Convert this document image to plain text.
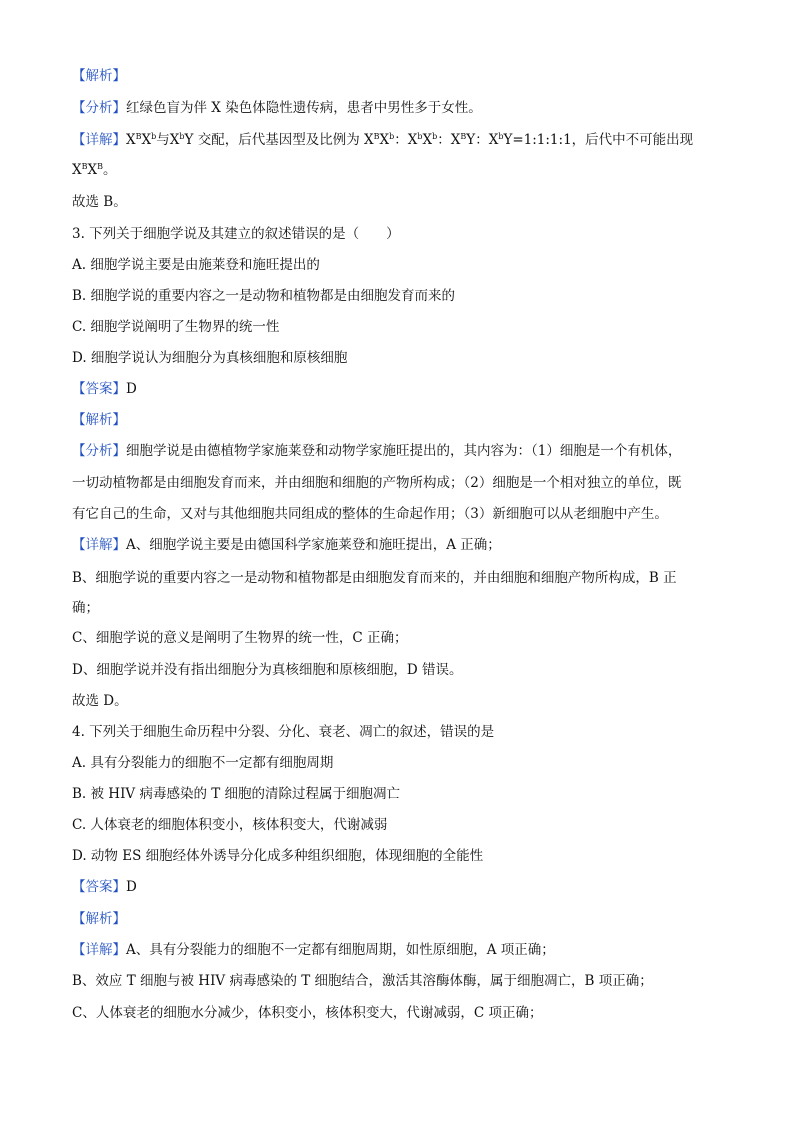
【解析】
【分析】红绿色盲为伴 X 染色体隐性遗传病，患者中男性多于女性。
【详解】$X^BX^b$与$X^bY$ 交配，后代基因型及比例为 $X^BX^b$：$X^bX^b$：$X^BY$：$X^bY=1:1:1:1$，后代中不可能出现
$X^BX^B$。
故选 B。
3. 下列关于细胞学说及其建立的叙述错误的是（　　）
A. 细胞学说主要是由施莱登和施旺提出的
B. 细胞学说的重要内容之一是动物和植物都是由细胞发育而来的
C. 细胞学说阐明了生物界的统一性
D. 细胞学说认为细胞分为真核细胞和原核细胞
【答案】D
【解析】
【分析】细胞学说是由德植物学家施莱登和动物学家施旺提出的，其内容为：（1）细胞是一个有机体，
一切动植物都是由细胞发育而来，并由细胞和细胞的产物所构成；（2）细胞是一个相对独立的单位，既
有它自己的生命，又对与其他细胞共同组成的整体的生命起作用；（3）新细胞可以从老细胞中产生。
【详解】A、细胞学说主要是由德国科学家施莱登和施旺提出，A 正确；
B、细胞学说的重要内容之一是动物和植物都是由细胞发育而来的，并由细胞和细胞产物所构成，B 正
确；
C、细胞学说的意义是阐明了生物界的统一性，C 正确；
D、细胞学说并没有指出细胞分为真核细胞和原核细胞，D 错误。
故选 D。
4. 下列关于细胞生命历程中分裂、分化、衰老、凋亡的叙述，错误的是
A. 具有分裂能力的细胞不一定都有细胞周期
B. 被 HIV 病毒感染的 T 细胞的清除过程属于细胞凋亡
C. 人体衰老的细胞体积变小，核体积变大，代谢减弱
D. 动物 ES 细胞经体外诱导分化成多种组织细胞，体现细胞的全能性
【答案】D
【解析】
【详解】A、具有分裂能力的细胞不一定都有细胞周期，如性原细胞，A 项正确；
B、效应 T 细胞与被 HIV 病毒感染的 T 细胞结合，激活其溶酶体酶，属于细胞凋亡，B 项正确；
C、人体衰老的细胞水分减少，体积变小，核体积变大，代谢减弱，C 项正确；
